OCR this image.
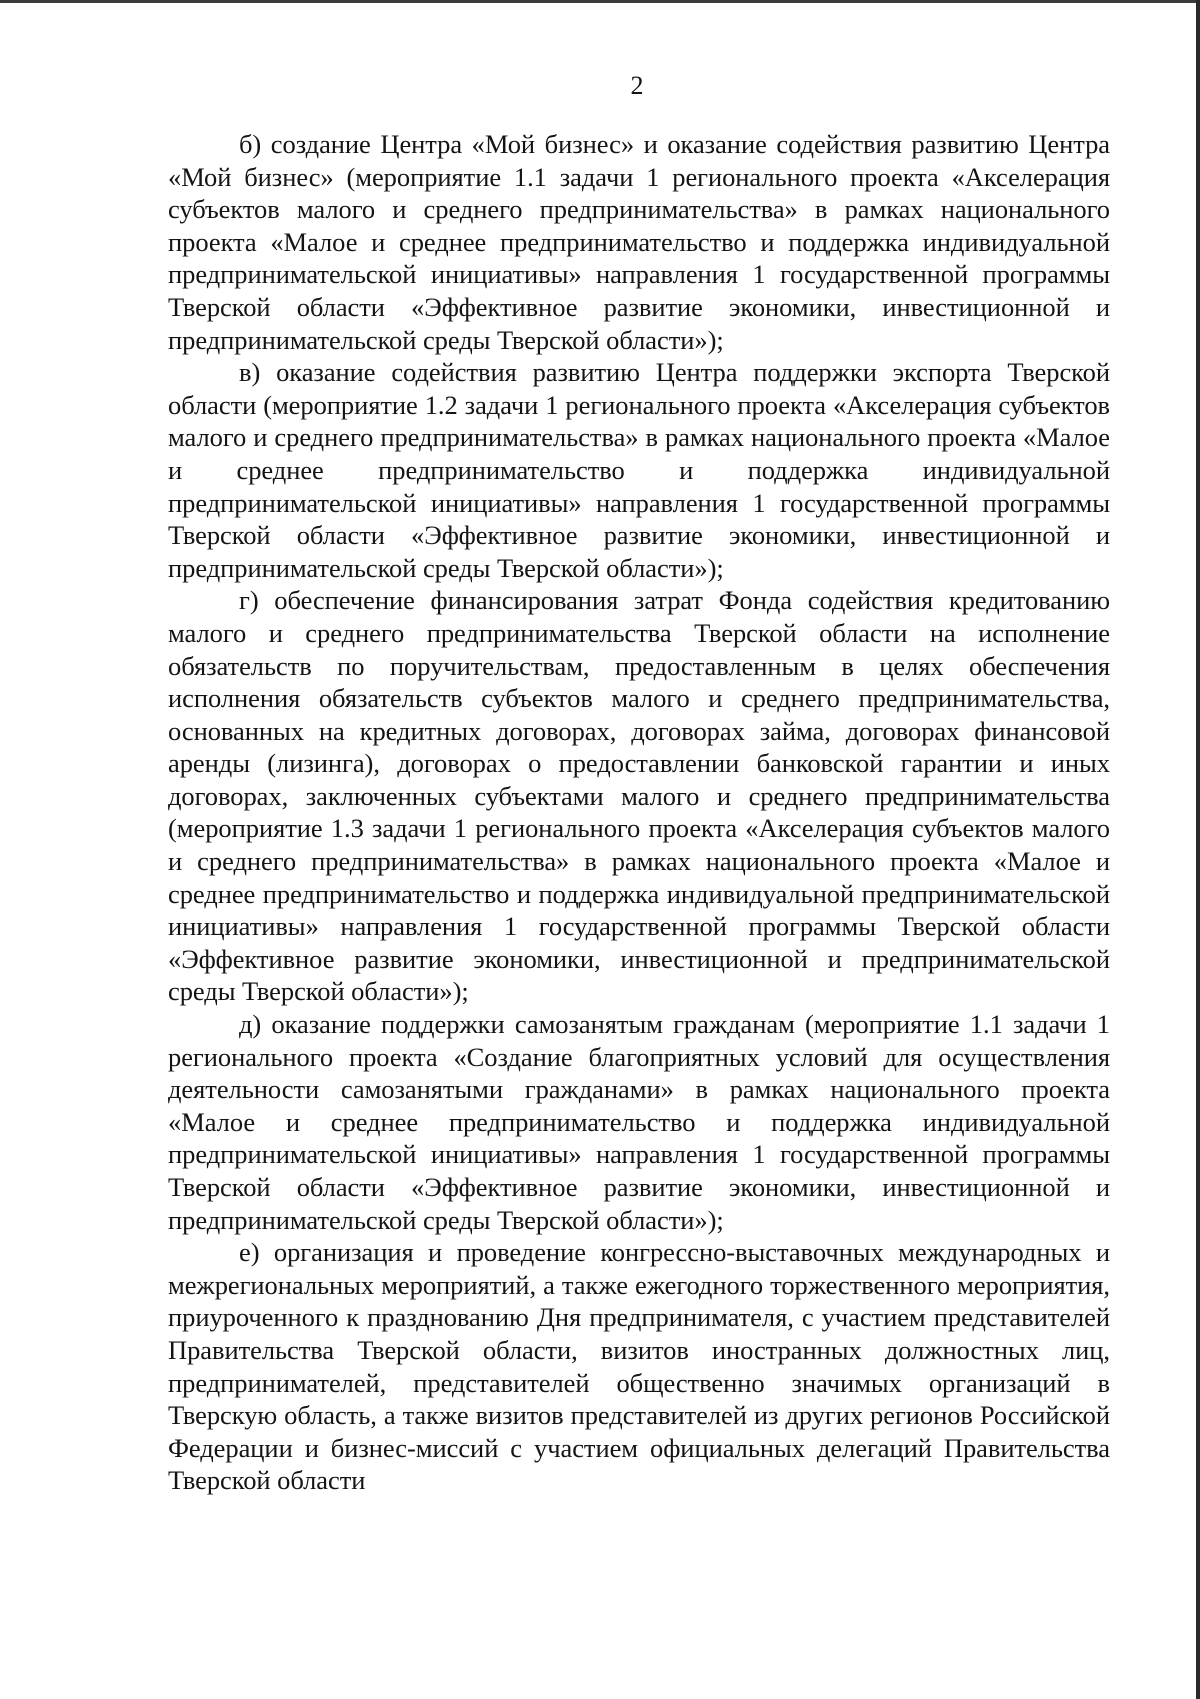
2

б) создание Центра «Мой бизнес» и оказание содействия развитию Центра «Мой бизнес» (мероприятие 1.1 задачи 1 регионального проекта «Акселерация субъектов малого и среднего предпринимательства» в рамках национального проекта «Малое и среднее предпринимательство и поддержка индивидуальной предпринимательской инициативы» направления 1 государственной программы Тверской области «Эффективное развитие экономики, инвестиционной и предпринимательской среды Тверской области»);

в) оказание содействия развитию Центра поддержки экспорта Тверской области (мероприятие 1.2 задачи 1 регионального проекта «Акселерация субъектов малого и среднего предпринимательства» в рамках национального проекта «Малое и среднее предпринимательство и поддержка индивидуальной предпринимательской инициативы» направления 1 государственной программы Тверской области «Эффективное развитие экономики, инвестиционной и предпринимательской среды Тверской области»);

г) обеспечение финансирования затрат Фонда содействия кредитованию малого и среднего предпринимательства Тверской области на исполнение обязательств по поручительствам, предоставленным в целях обеспечения исполнения обязательств субъектов малого и среднего предпринимательства, основанных на кредитных договорах, договорах займа, договорах финансовой аренды (лизинга), договорах о предоставлении банковской гарантии и иных договорах, заключенных субъектами малого и среднего предпринимательства (мероприятие 1.3 задачи 1 регионального проекта «Акселерация субъектов малого и среднего предпринимательства» в рамках национального проекта «Малое и среднее предпринимательство и поддержка индивидуальной предпринимательской инициативы» направления 1 государственной программы Тверской области «Эффективное развитие экономики, инвестиционной и предпринимательской среды Тверской области»);

д) оказание поддержки самозанятым гражданам (мероприятие 1.1 задачи 1 регионального проекта «Создание благоприятных условий для осуществления деятельности самозанятыми гражданами» в рамках национального проекта «Малое и среднее предпринимательство и поддержка индивидуальной предпринимательской инициативы» направления 1 государственной программы Тверской области «Эффективное развитие экономики, инвестиционной и предпринимательской среды Тверской области»);

е) организация и проведение конгрессно-выставочных международных и межрегиональных мероприятий, а также ежегодного торжественного мероприятия, приуроченного к празднованию Дня предпринимателя, с участием представителей Правительства Тверской области, визитов иностранных должностных лиц, предпринимателей, представителей общественно значимых организаций в Тверскую область, а также визитов представителей из других регионов Российской Федерации и бизнес-миссий с участием официальных делегаций Правительства Тверской области
